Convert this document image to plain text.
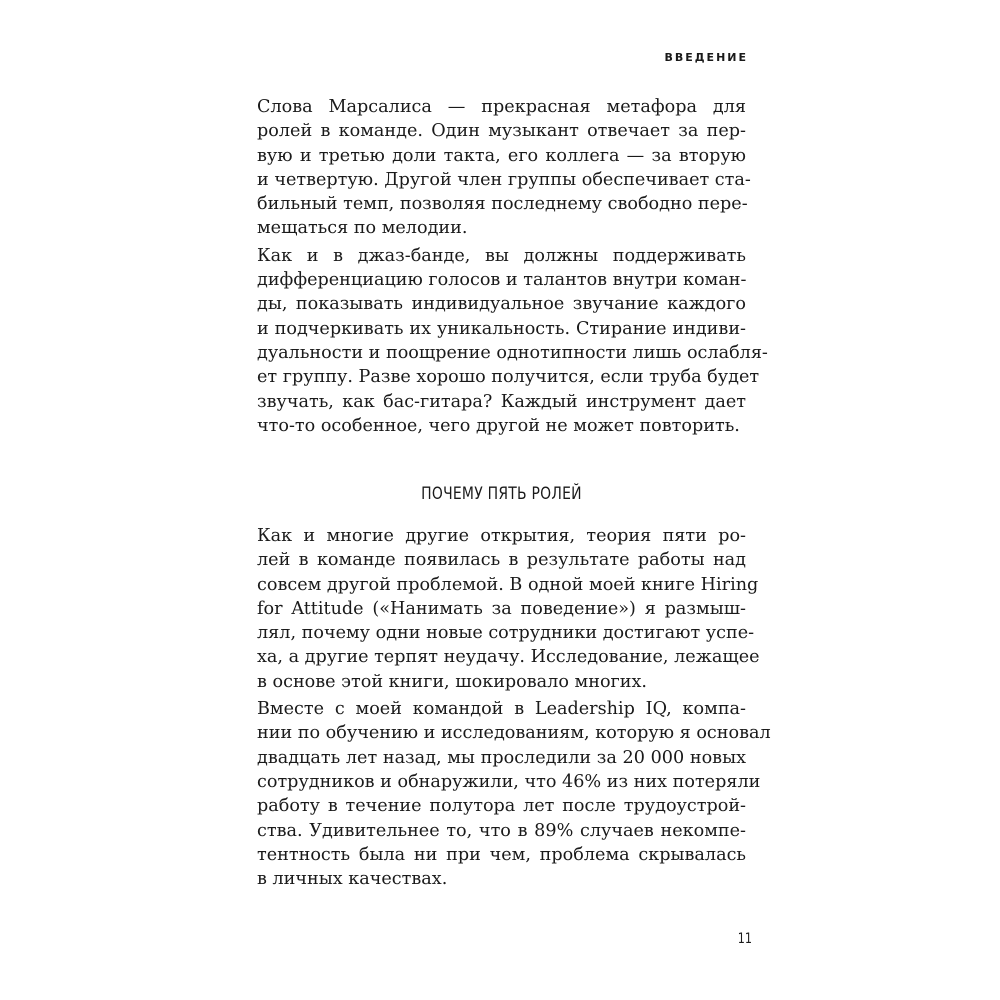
ВВЕДЕНИЕ

Слова Марсалиса — прекрасная метафора для
ролей в команде. Один музыкант отвечает за пер-
вую и третью доли такта, его коллега — за вторую
и четвертую. Другой член группы обеспечивает ста-
бильный темп, позволяя последнему свободно пере-
мещаться по мелодии.

Как и в джаз-банде, вы должны поддерживать
дифференциацию голосов и талантов внутри коман-
ды, показывать индивидуальное звучание каждого
и подчеркивать их уникальность. Стирание индиви-
дуальности и поощрение однотипности лишь ослабля-
ет группу. Разве хорошо получится, если труба будет
звучать, как бас-гитара? Каждый инструмент дает
что-то особенное, чего другой не может повторить.

ПОЧЕМУ ПЯТЬ РОЛЕЙ

Как и многие другие открытия, теория пяти ро-
лей в команде появилась в результате работы над
совсем другой проблемой. В одной моей книге Hiring
for Attitude («Нанимать за поведение») я размыш-
лял, почему одни новые сотрудники достигают успе-
ха, а другие терпят неудачу. Исследование, лежащее
в основе этой книги, шокировало многих.

Вместе с моей командой в Leadership IQ, компа-
нии по обучению и исследованиям, которую я основал
двадцать лет назад, мы проследили за 20 000 новых
сотрудников и обнаружили, что 46% из них потеряли
работу в течение полутора лет после трудоустрой-
ства. Удивительнее то, что в 89% случаев некомпе-
тентность была ни при чем, проблема скрывалась
в личных качествах.

11
